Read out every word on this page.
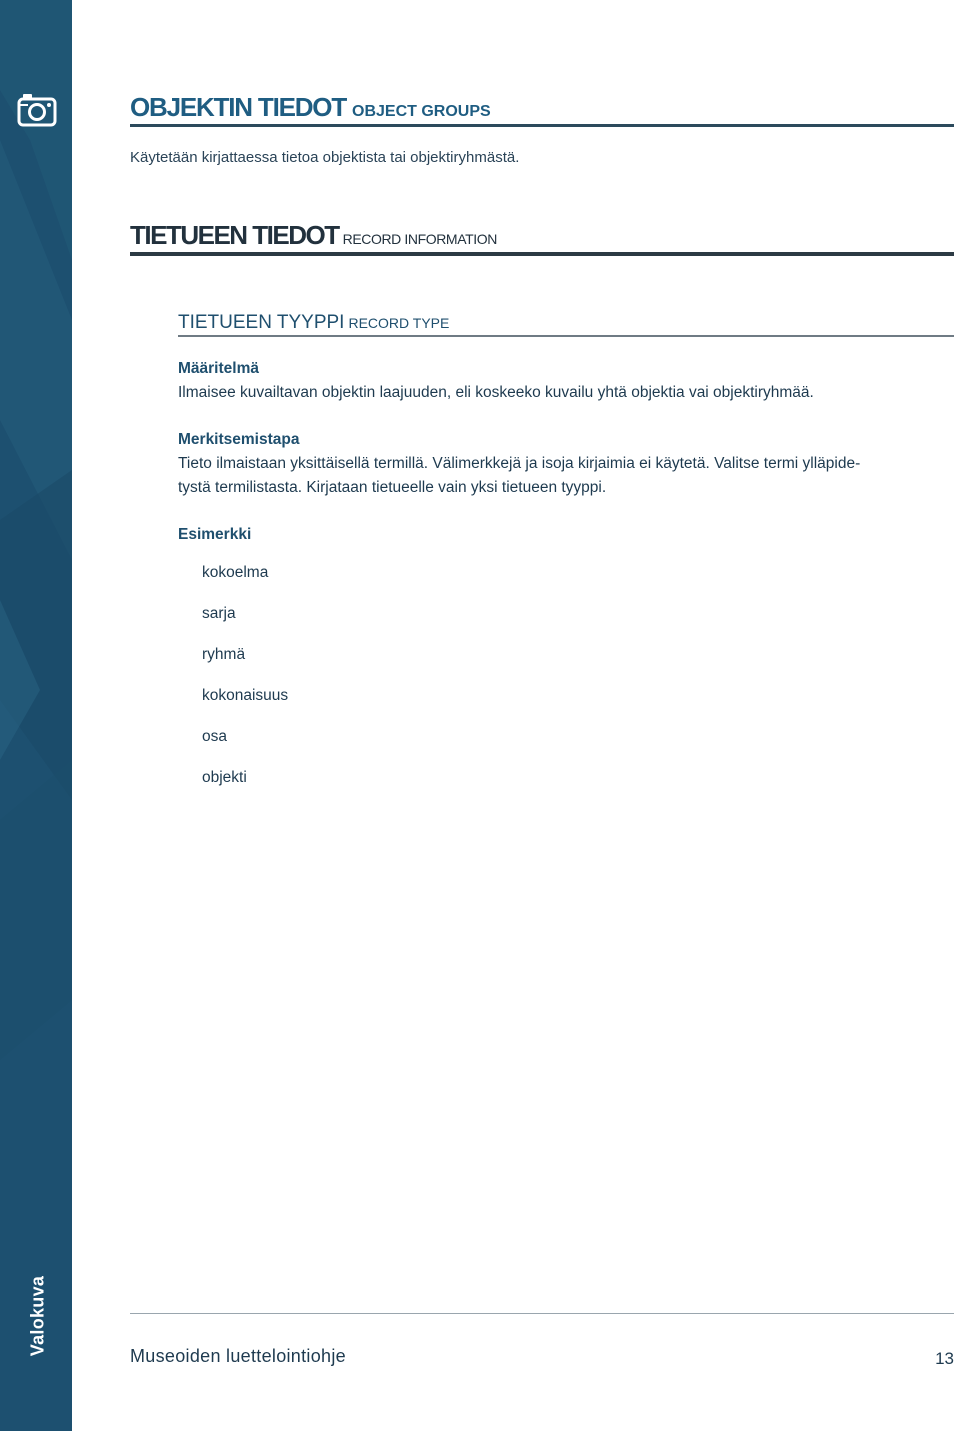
Valokuva
OBJEKTIN TIEDOT OBJECT GROUPS
Käytetään kirjattaessa tietoa objektista tai objektiryhmästä.
TIETUEEN TIEDOT RECORD INFORMATION
TIETUEEN TYYPPI RECORD TYPE
Määritelmä
Ilmaisee kuvailtavan objektin laajuuden, eli koskeeko kuvailu yhtä objektia vai objektiryhmää.
Merkitsemistapa
Tieto ilmaistaan yksittäisellä termillä. Välimerkkejä ja isoja kirjaimia ei käytetä. Valitse termi ylläpide-
tystä termilistasta. Kirjataan tietueelle vain yksi tietueen tyyppi.
Esimerkki
kokoelma
sarja
ryhmä
kokonaisuus
osa
objekti
Museoiden luettelointiohje	13
